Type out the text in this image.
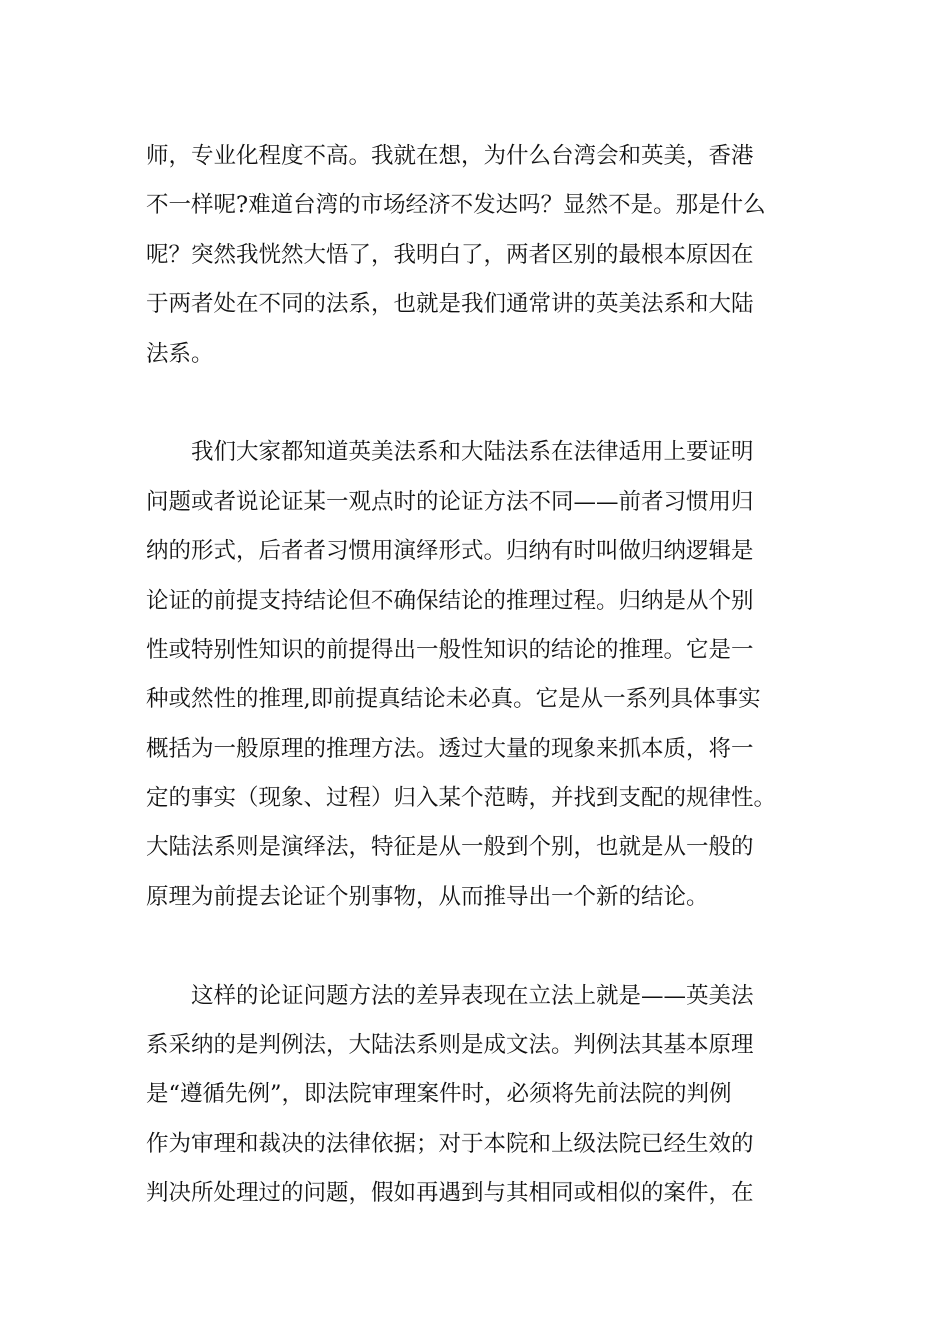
师，专业化程度不高。我就在想，为什么台湾会和英美，香港
不一样呢?难道台湾的市场经济不发达吗？显然不是。那是什么
呢？突然我恍然大悟了，我明白了，两者区别的最根本原因在
于两者处在不同的法系，也就是我们通常讲的英美法系和大陆
法系。
我们大家都知道英美法系和大陆法系在法律适用上要证明
问题或者说论证某一观点时的论证方法不同——前者习惯用归
纳的形式，后者者习惯用演绎形式。归纳有时叫做归纳逻辑是
论证的前提支持结论但不确保结论的推理过程。归纳是从个别
性或特别性知识的前提得出一般性知识的结论的推理。它是一
种或然性的推理,即前提真结论未必真。它是从一系列具体事实
概括为一般原理的推理方法。透过大量的现象来抓本质，将一
定的事实（现象、过程）归入某个范畴，并找到支配的规律性。
大陆法系则是演绎法，特征是从一般到个别，也就是从一般的
原理为前提去论证个别事物，从而推导出一个新的结论。
这样的论证问题方法的差异表现在立法上就是——英美法
系采纳的是判例法，大陆法系则是成文法。判例法其基本原理
是“遵循先例”，即法院审理案件时，必须将先前法院的判例
作为审理和裁决的法律依据；对于本院和上级法院已经生效的
判决所处理过的问题，假如再遇到与其相同或相似的案件，在
